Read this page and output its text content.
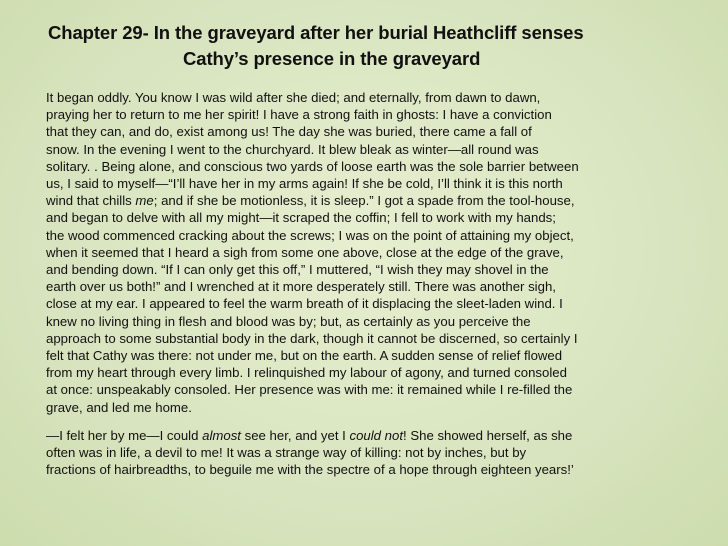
Chapter 29- In the graveyard after her burial Heathcliff senses
Cathy’s presence in the graveyard

It began oddly. You know I was wild after she died; and eternally, from dawn to dawn,
praying her to return to me her spirit! I have a strong faith in ghosts: I have a conviction
that they can, and do, exist among us! The day she was buried, there came a fall of
snow. In the evening I went to the churchyard. It blew bleak as winter—all round was
solitary. . Being alone, and conscious two yards of loose earth was the sole barrier between
us, I said to myself—“I’ll have her in my arms again! If she be cold, I’ll think it is this north
wind that chills me; and if she be motionless, it is sleep.” I got a spade from the tool-house,
and began to delve with all my might—it scraped the coffin; I fell to work with my hands;
the wood commenced cracking about the screws; I was on the point of attaining my object,
when it seemed that I heard a sigh from some one above, close at the edge of the grave,
and bending down. “If I can only get this off,” I muttered, “I wish they may shovel in the
earth over us both!” and I wrenched at it more desperately still. There was another sigh,
close at my ear. I appeared to feel the warm breath of it displacing the sleet-laden wind. I
knew no living thing in flesh and blood was by; but, as certainly as you perceive the
approach to some substantial body in the dark, though it cannot be discerned, so certainly I
felt that Cathy was there: not under me, but on the earth. A sudden sense of relief flowed
from my heart through every limb. I relinquished my labour of agony, and turned consoled
at once: unspeakably consoled. Her presence was with me: it remained while I re-filled the
grave, and led me home.

—I felt her by me—I could almost see her, and yet I could not! She showed herself, as she
often was in life, a devil to me! It was a strange way of killing: not by inches, but by
fractions of hairbreadths, to beguile me with the spectre of a hope through eighteen years!’
